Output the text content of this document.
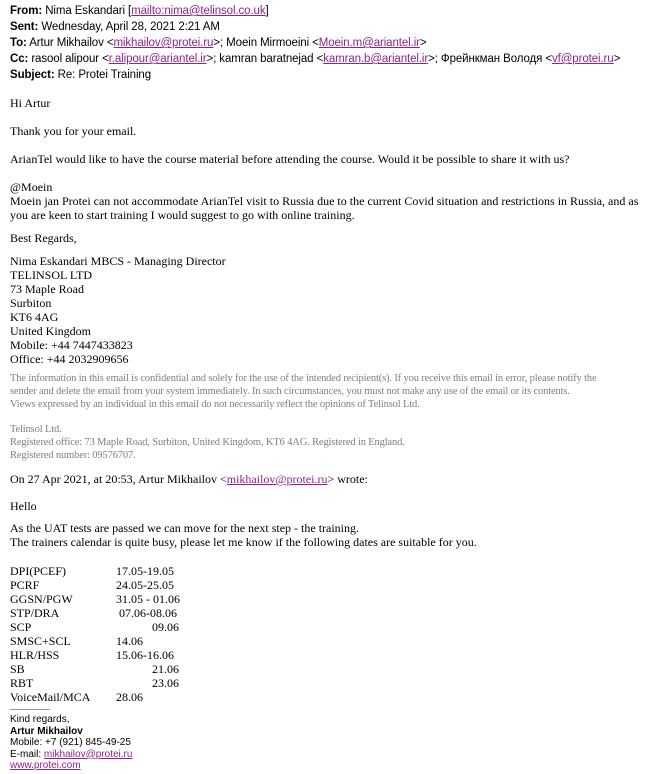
From: Nima Eskandari [mailto:nima@telinsol.co.uk]
Sent: Wednesday, April 28, 2021 2:21 AM
To: Artur Mikhailov <mikhailov@protei.ru>; Moein Mirmoeini <Moein.m@ariantel.ir>
Cc: rasool alipour <r.alipour@ariantel.ir>; kamran baratnejad <kamran.b@ariantel.ir>; Фрейнкман Володя <vf@protei.ru>
Subject: Re: Protei Training
Hi Artur
Thank you for your email.
ArianTel would like to have the course material before attending the course. Would it be possible to share it with us?
@Moein
Moein jan Protei can not accommodate ArianTel visit to Russia due to the current Covid situation and restrictions in Russia, and as you are keen to start training I would suggest to go with online training.
Best Regards,
Nima Eskandari MBCS - Managing Director
TELINSOL LTD
73 Maple Road
Surbiton
KT6 4AG
United Kingdom
Mobile: +44 7447433823
Office: +44 2032909656
The information in this email is confidential and solely for the use of the intended recipient(s). If you receive this email in error, please notify the
sender and delete the email from your system immediately. In such circumstances, you must not make any use of the email or its contents.
Views expressed by an individual in this email do not necessarily reflect the opinions of Telinsol Ltd.
Telinsol Ltd.
Registered office: 73 Maple Road, Surbiton, United Kingdom, KT6 4AG. Registered in England.
Registered number: 09576707.
On 27 Apr 2021, at 20:53, Artur Mikhailov <mikhailov@protei.ru> wrote:
Hello
As the UAT tests are passed we can move for the next step - the training.
The trainers calendar is quite busy, please let me know if the following dates are suitable for you.
DPI(PCEF)	17.05-19.05
PCRF	24.05-25.05
GGSN/PGW	31.05 - 01.06
STP/DRA	07.06-08.06
SCP	09.06
SMSC+SCL	14.06
HLR/HSS	15.06-16.06
SB	21.06
RBT	23.06
VoiceMail/MCA	28.06
Kind regards,
Artur Mikhailov
Mobile: +7 (921) 845-49-25
E-mail: mikhailov@protei.ru
www.protei.com
